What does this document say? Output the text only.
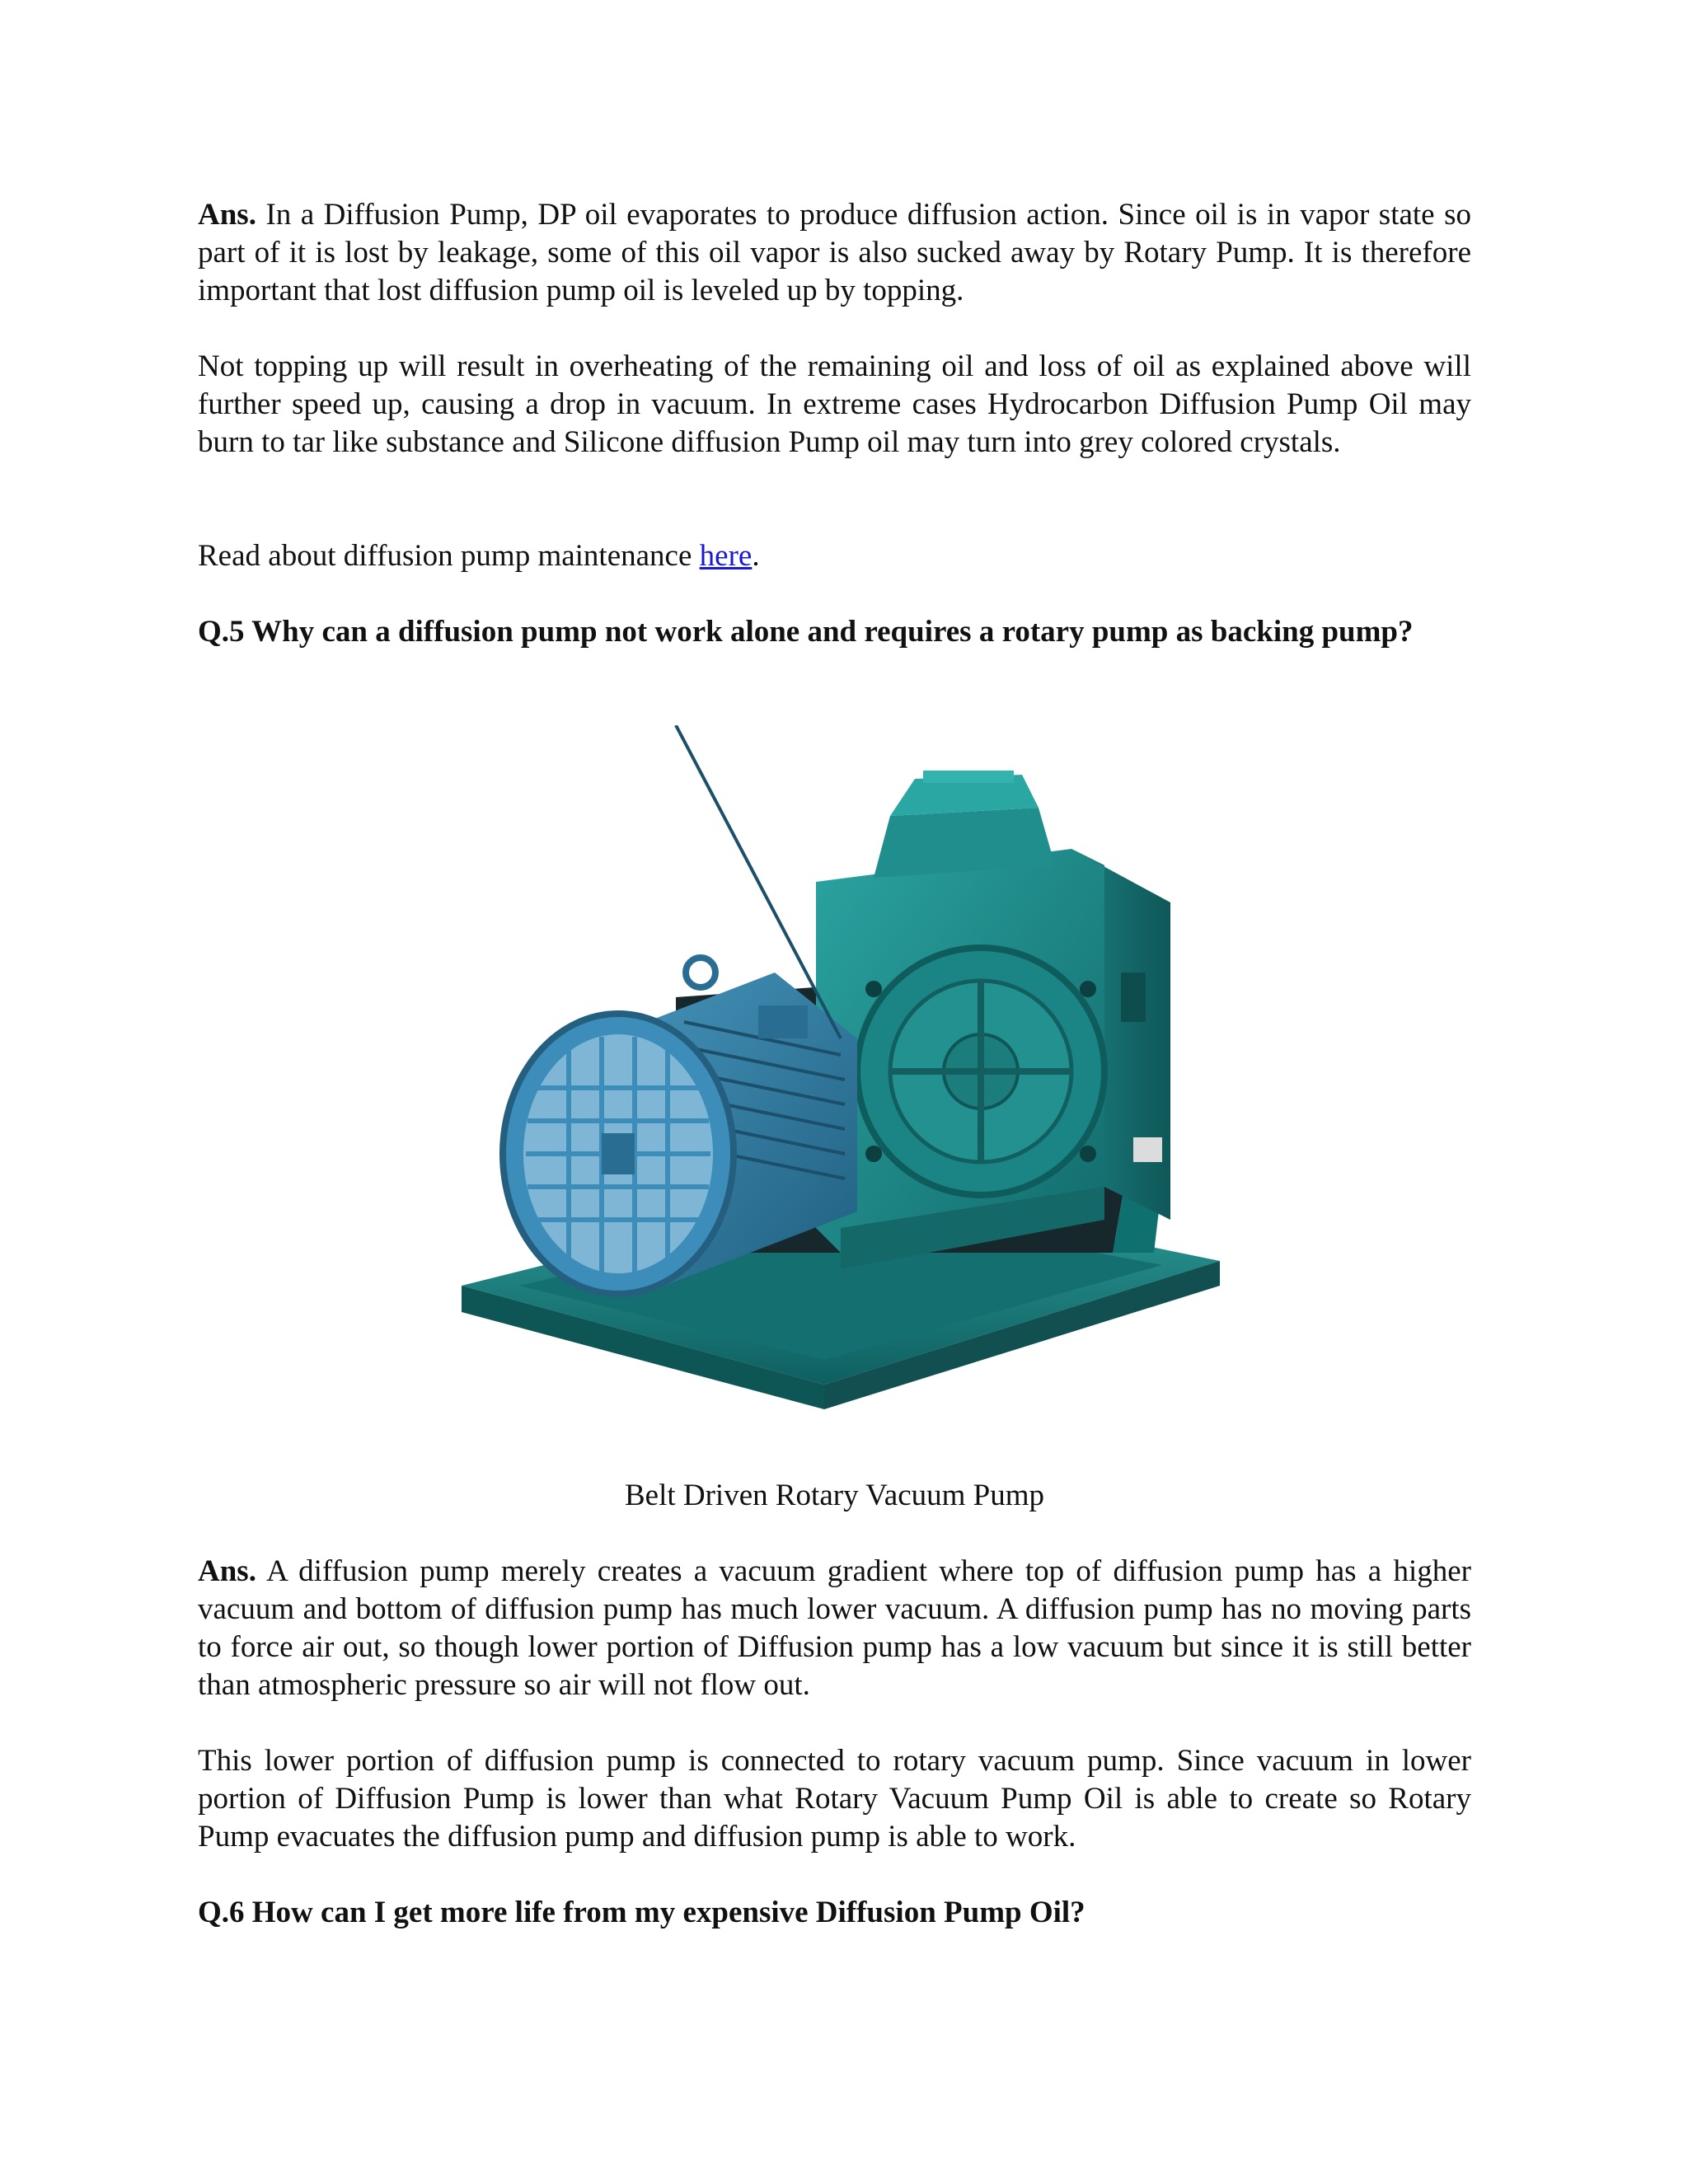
Ans. In a Diffusion Pump, DP oil evaporates to produce diffusion action. Since oil is in vapor state so part of it is lost by leakage, some of this oil vapor is also sucked away by Rotary Pump. It is therefore important that lost diffusion pump oil is leveled up by topping.

Not topping up will result in overheating of the remaining oil and loss of oil as explained above will further speed up, causing a drop in vacuum. In extreme cases Hydrocarbon Diffusion Pump Oil may burn to tar like substance and Silicone diffusion Pump oil may turn into grey colored crystals.

Read about diffusion pump maintenance here.

Q.5 Why can a diffusion pump not work alone and requires a rotary pump as backing pump?

Belt Driven Rotary Vacuum Pump

Ans. A diffusion pump merely creates a vacuum gradient where top of diffusion pump has a higher vacuum and bottom of diffusion pump has much lower vacuum. A diffusion pump has no moving parts to force air out, so though lower portion of Diffusion pump has a low vacuum but since it is still better than atmospheric pressure so air will not flow out.

This lower portion of diffusion pump is connected to rotary vacuum pump. Since vacuum in lower portion of Diffusion Pump is lower than what Rotary Vacuum Pump Oil is able to create so Rotary Pump evacuates the diffusion pump and diffusion pump is able to work.

Q.6 How can I get more life from my expensive Diffusion Pump Oil?
